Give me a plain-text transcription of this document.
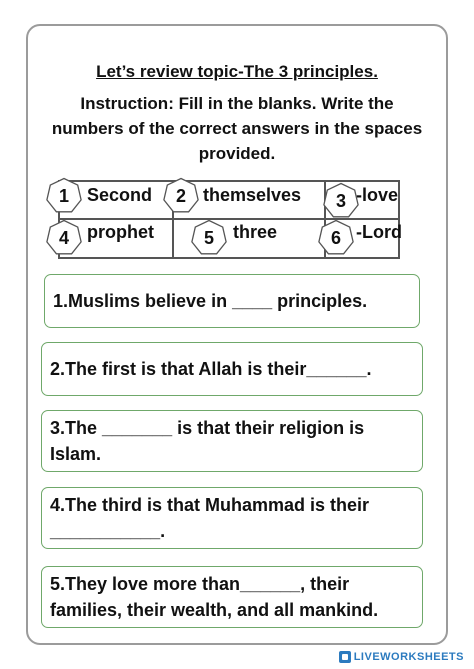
Let’s review topic-The 3 principles.
Instruction: Fill in the blanks. Write the numbers of the correct answers in the spaces provided.
Second	themselves	-love
prophet	three	-Lord
1	2	3
4	5	6
1.Muslims believe in ____ principles.
2.The first is that Allah is their______.
3.The _______ is that their religion is Islam.
4.The third is that Muhammad is their ___________.
5.They love more than______, their families, their wealth, and all mankind.
LIVEWORKSHEETS
